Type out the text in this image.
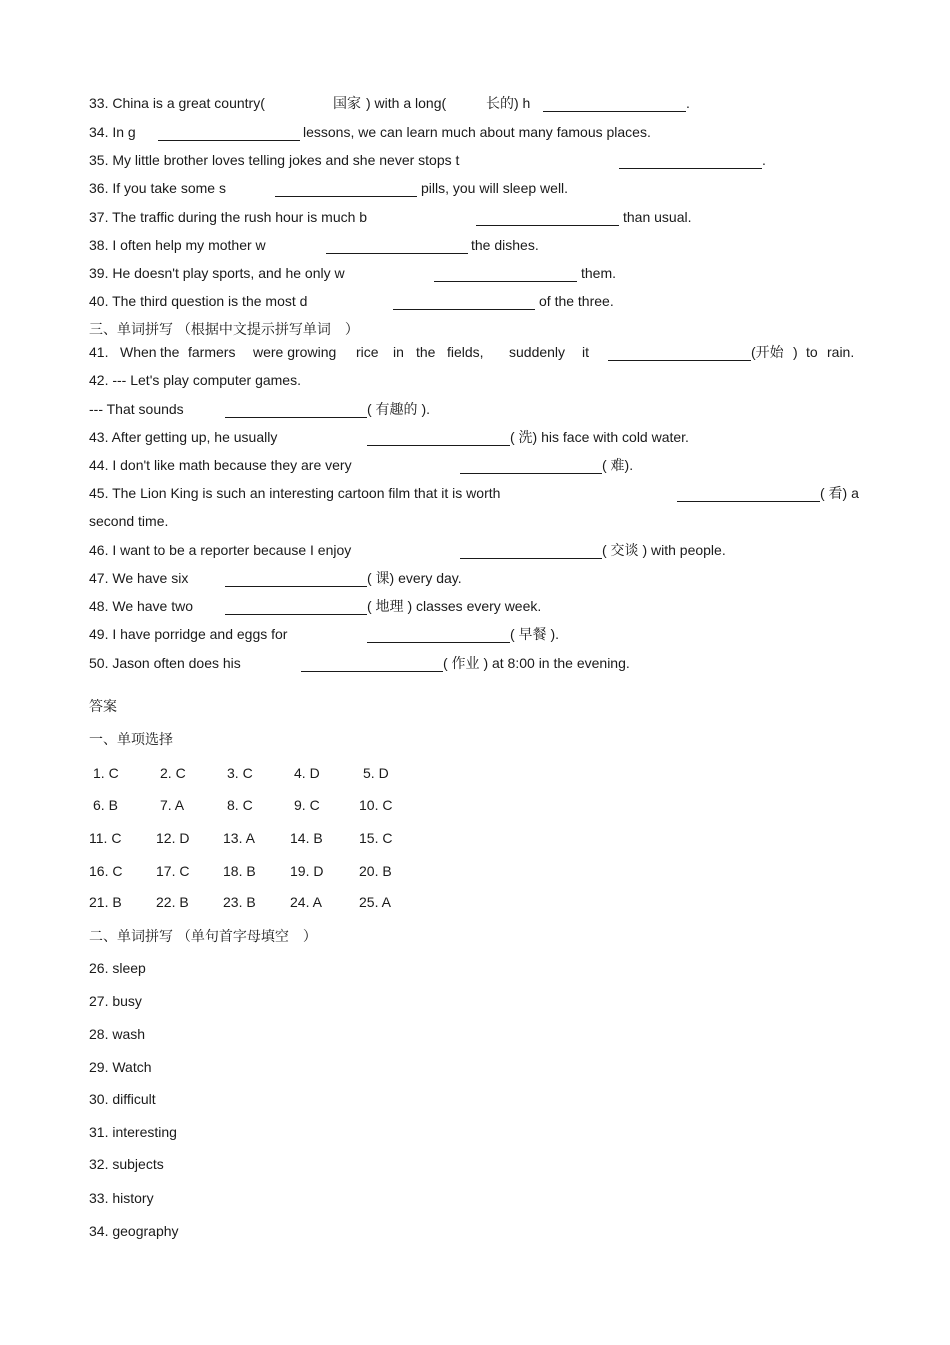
33. China is a great country(	国家 ) with a long(	长的 ) h	.
34. In g	lessons, we can learn much about many famous places.
35. My little brother loves telling jokes and she never stops t	.
36. If you take some s	pills, you will sleep well.
37. The traffic during the rush hour is much b	than usual.
38. I often help my mother w	the dishes.
39. He doesn't play sports, and he only w	them.
40. The third question is the most d	of the three.
三、单词拼写 （根据中文提示拼写单词　）
41. When the farmers were growing rice in the fields, suddenly it	(开始 ) to rain.
42. --- Let's play computer games.
--- That sounds	( 有趣的 ).
43. After getting up, he usually	( 洗) his face with cold water.
44. I don't like math because they are very	( 难).
45. The Lion King is such an interesting cartoon film that it is worth	( 看) a
second time.
46. I want to be a reporter because I enjoy	( 交谈 ) with people.
47. We have six	( 课) every day.
48. We have two	( 地理 ) classes every week.
49. I have porridge and eggs for	( 早餐 ).
50. Jason often does his	( 作业 ) at 8:00 in the evening.
答案
一、单项选择
1. C	2. C	3. C	4. D	5. D
6. B	7. A	8. C	9. C	10. C
11. C 12. D 13. A	14. B	15. C
16. C 17. C 18. B 19. D	20. B
21. B 22. B 23. B 24. A	25. A
二、单词拼写 （单句首字母填空　）
26. sleep
27. busy
28. wash
29. Watch
30. difficult
31. interesting
32. subjects
33. history
34. geography
